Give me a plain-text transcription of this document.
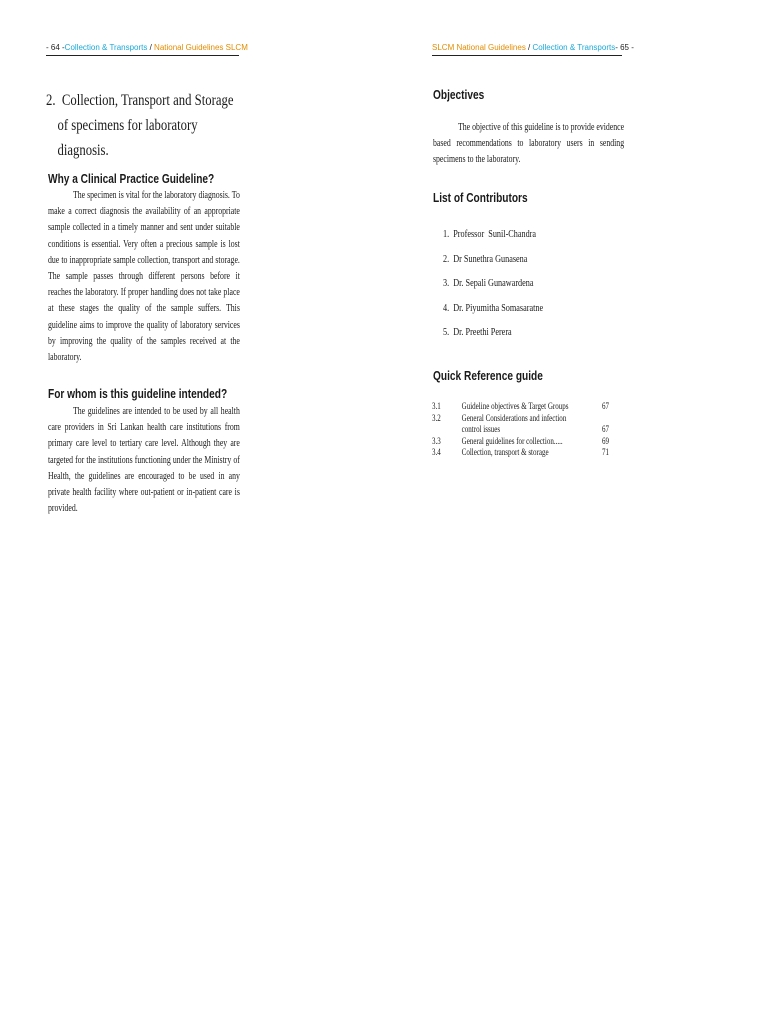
- 64 - Collection & Transports / National Guidelines SLCM	SLCM National Guidelines / Collection & Transports - 65 -
2.  Collection, Transport and Storage
of specimens for laboratory
diagnosis.
Why a Clinical Practice Guideline?
The specimen is vital for the laboratory diagnosis. To make a correct diagnosis the availability of an appropriate sample collected in a timely manner and sent under suitable conditions is essential. Very often a precious sample is lost due to inappropriate sample collection, transport and storage. The sample passes through different persons before it reaches the laboratory. If proper handling does not take place at these stages the quality of the sample suffers. This guideline aims to improve the quality of laboratory services by improving the quality of the samples received at the laboratory.
For whom is this guideline intended?
The guidelines are intended to be used by all health care providers in Sri Lankan health care institutions from primary care level to tertiary care level. Although they are targeted for the institutions functioning under the Ministry of Health, the guidelines are encouraged to be used in any private health facility where out-patient or in-patient care is provided.
Objectives
The objective of this guideline is to provide evidence based recommendations to laboratory users in sending specimens to the laboratory.
List of Contributors
1.  Professor  Sunil-Chandra
2.  Dr Sunethra Gunasena
3.  Dr. Sepali Gunawardena
4.  Dr. Piyumitha Somasaratne
5.  Dr. Preethi Perera
Quick Reference guide
3.1	Guideline objectives & Target Groups	67
3.2	General Considerations and infection
control issues	67
3.3	General guidelines for collection.....	69
3.4	Collection, transport & storage	71
